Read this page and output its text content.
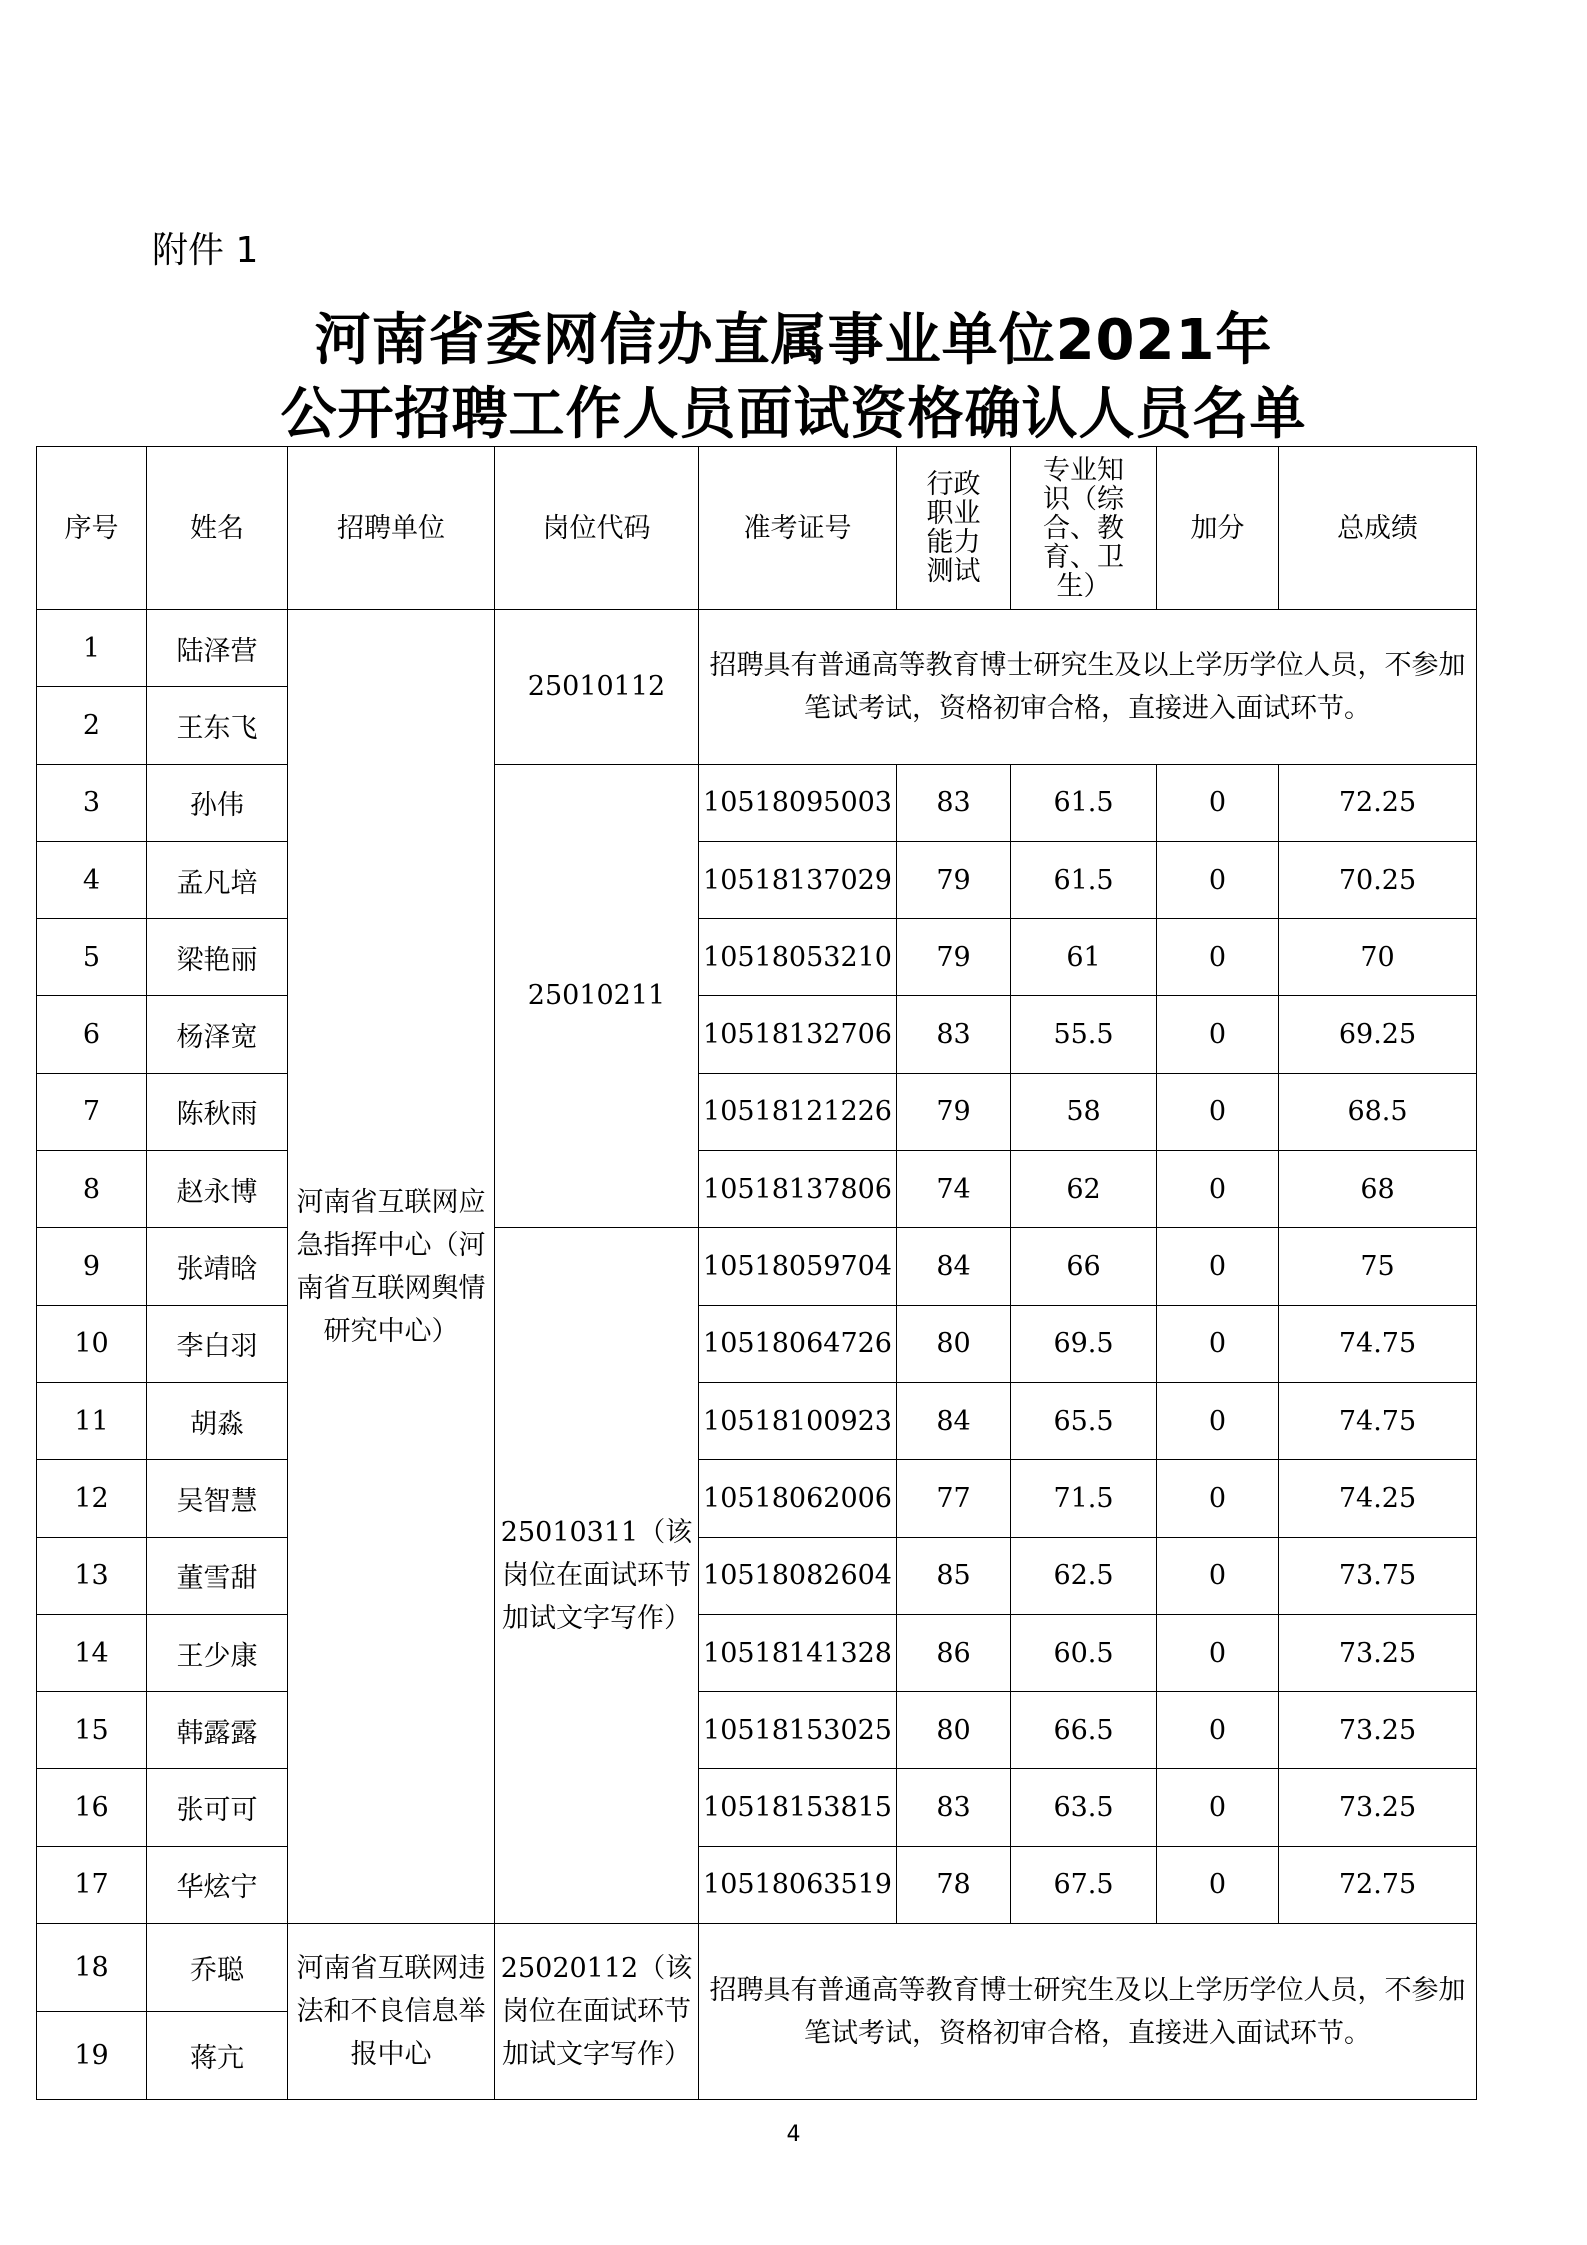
附件 1
河南省委网信办直属事业单位2021年
公开招聘工作人员面试资格确认人员名单
序号	姓名	招聘单位	岗位代码	准考证号	行政职业能力测试	专业知识（综合、教育、卫生）	加分	总成绩
1	陆泽营	河南省互联网应急指挥中心（河南省互联网舆情研究中心）	25010112	招聘具有普通高等教育博士研究生及以上学历学位人员，不参加笔试考试，资格初审合格，直接进入面试环节。				
2	王东飞							
3	孙伟		25010211	10518095003	83	61.5	0	72.25
4	孟凡培			10518137029	79	61.5	0	70.25
5	梁艳丽			10518053210	79	61	0	70
6	杨泽宽			10518132706	83	55.5	0	69.25
7	陈秋雨			10518121226	79	58	0	68.5
8	赵永博			10518137806	74	62	0	68
9	张靖晗		25010311（该岗位在面试环节加试文字写作）	10518059704	84	66	0	75
10	李白羽			10518064726	80	69.5	0	74.75
11	胡淼			10518100923	84	65.5	0	74.75
12	吴智慧			10518062006	77	71.5	0	74.25
13	董雪甜			10518082604	85	62.5	0	73.75
14	王少康			10518141328	86	60.5	0	73.25
15	韩露露			10518153025	80	66.5	0	73.25
16	张可可			10518153815	83	63.5	0	73.25
17	华炫宁			10518063519	78	67.5	0	72.75
18	乔聪	河南省互联网违法和不良信息举报中心	25020112（该岗位在面试环节加试文字写作）	招聘具有普通高等教育博士研究生及以上学历学位人员，不参加笔试考试，资格初审合格，直接进入面试环节。				
19	蒋亢							
4
